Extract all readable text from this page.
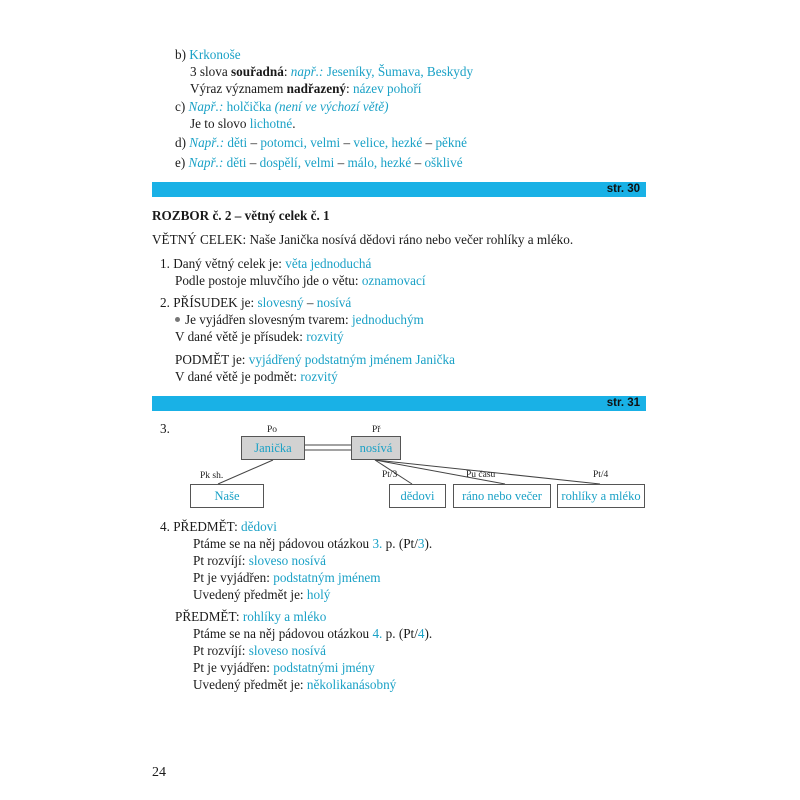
b) Krkonoše
3 slova souřadná: např.: Jeseníky, Šumava, Beskydy
Výraz významem nadřazený: název pohoří
c) Např.: holčička (není ve výchozí větě)
Je to slovo lichotné.
d) Např.: děti – potomci, velmi – velice, hezké – pěkné
e) Např.: děti – dospělí, velmi – málo, hezké – ošklivé
str. 30
ROZBOR č. 2 – větný celek č. 1
VĚTNÝ CELEK: Naše Janička nosívá dědovi ráno nebo večer rohlíky a mléko.
1. Daný větný celek je: věta jednoduchá
Podle postoje mluvčího jde o větu: oznamovací
2. PŘÍSUDEK je: slovesný – nosívá
Je vyjádřen slovesným tvarem: jednoduchým
V dané větě je přísudek: rozvitý
PODMĚT je: vyjádřený podstatným jménem Janička
V dané větě je podmět: rozvitý
str. 31
3.	Po	Př
Pk sh.	Pt/3	Pu času	Pt/4
Janička	nosívá
Naše	dědovi	ráno nebo večer	rohlíky a mléko
4. PŘEDMĚT: dědovi
Ptáme se na něj pádovou otázkou 3. p. (Pt/3).
Pt rozvíjí: sloveso nosívá
Pt je vyjádřen: podstatným jménem
Uvedený předmět je: holý
PŘEDMĚT: rohlíky a mléko
Ptáme se na něj pádovou otázkou 4. p. (Pt/4).
Pt rozvíjí: sloveso nosívá
Pt je vyjádřen: podstatnými jmény
Uvedený předmět je: několikanásobný
24
